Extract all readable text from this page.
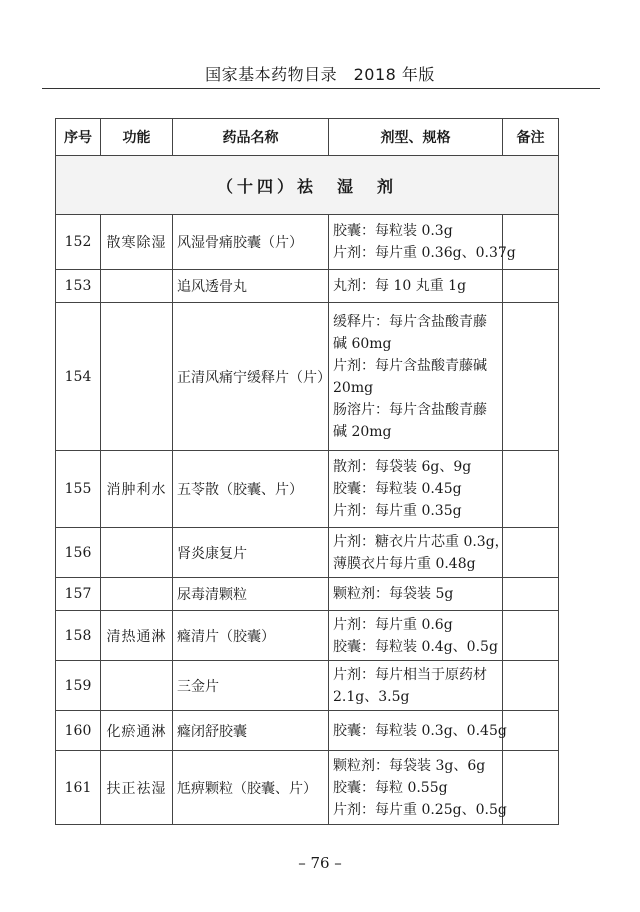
国家基本药物目录　2018 年版
序号	功能	药品名称	剂型、规格	备注
（十四）祛　湿　剂				
152	散寒除湿	风湿骨痛胶囊（片）	胶囊：每粒装 0.3g
片剂：每片重 0.36g、0.37g	

153		追风透骨丸	丸剂：每 10 丸重 1g	

154		正清风痛宁缓释片（片）	缓释片：每片含盐酸青藤碱 60mg
片剂：每片含盐酸青藤碱 20mg
肠溶片：每片含盐酸青藤碱 20mg	

155	消肿利水	五苓散（胶囊、片）	散剂：每袋装 6g、9g
胶囊：每粒装 0.45g
片剂：每片重 0.35g	

156		肾炎康复片	片剂：糖衣片片芯重 0.3g，
薄膜衣片每片重 0.48g	

157		尿毒清颗粒	颗粒剂：每袋装 5g	

158	清热通淋	癃清片（胶囊）	片剂：每片重 0.6g
胶囊：每粒装 0.4g、0.5g	

159		三金片	片剂：每片相当于原药材 2.1g、3.5g	

160	化瘀通淋	癃闭舒胶囊	胶囊：每粒装 0.3g、0.45g	

161	扶正祛湿	尪痹颗粒（胶囊、片）	颗粒剂：每袋装 3g、6g
胶囊：每粒 0.55g
片剂：每片重 0.25g、0.5g	

– 76 –
